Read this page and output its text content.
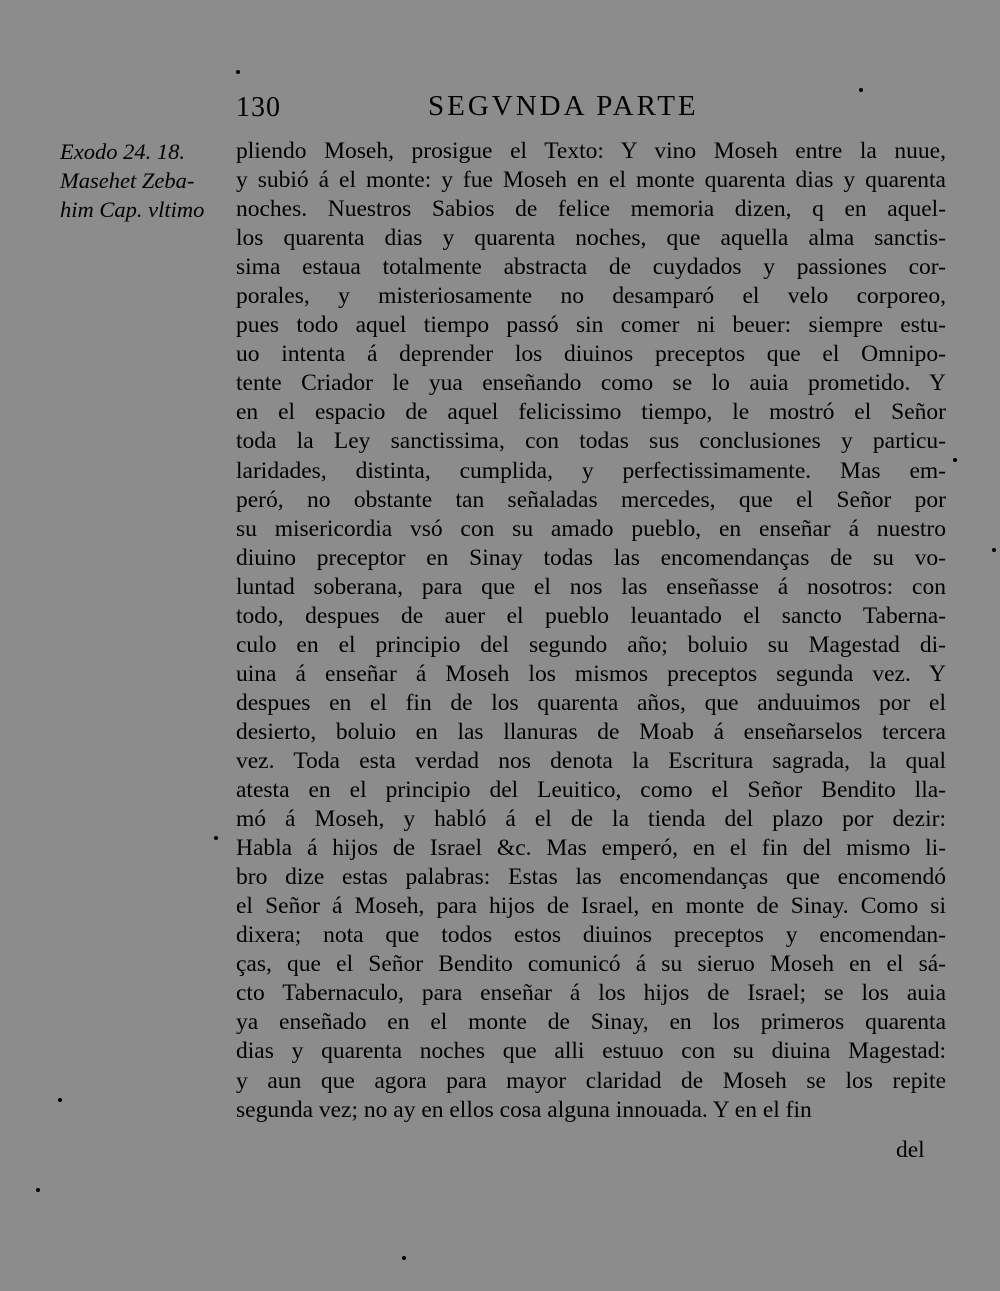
130	SEGVNDA PARTE
Exodo 24. 18.
Masehet Zeba-
him Cap. vltimo
pliendo Moseh, prosigue el Texto: Y vino Moseh entre la nuue,
y subió á el monte: y fue Moseh en el monte quarenta dias y quarenta
noches. Nuestros Sabios de felice memoria dizen, q en aquel-
los quarenta dias y quarenta noches, que aquella alma sanctis-
sima estaua totalmente abstracta de cuydados y passiones cor-
porales, y misteriosamente no desamparó el velo corporeo,
pues todo aquel tiempo passó sin comer ni beuer: siempre estu-
uo intenta á deprender los diuinos preceptos que el Omnipo-
tente Criador le yua enseñando como se lo auia prometido. Y
en el espacio de aquel felicissimo tiempo, le mostró el Señor
toda la Ley sanctissima, con todas sus conclusiones y particu-
laridades, distinta, cumplida, y perfectissimamente. Mas em-
peró, no obstante tan señaladas mercedes, que el Señor por
su misericordia vsó con su amado pueblo, en enseñar á nuestro
diuino preceptor en Sinay todas las encomendanças de su vo-
luntad soberana, para que el nos las enseñasse á nosotros: con
todo, despues de auer el pueblo leuantado el sancto Taberna-
culo en el principio del segundo año; boluio su Magestad di-
uina á enseñar á Moseh los mismos preceptos segunda vez. Y
despues en el fin de los quarenta años, que anduuimos por el
desierto, boluio en las llanuras de Moab á enseñarselos tercera
vez. Toda esta verdad nos denota la Escritura sagrada, la qual
atesta en el principio del Leuitico, como el Señor Bendito lla-
mó á Moseh, y habló á el de la tienda del plazo por dezir:
Habla á hijos de Israel &c. Mas emperó, en el fin del mismo li-
bro dize estas palabras: Estas las encomendanças que encomendó
el Señor á Moseh, para hijos de Israel, en monte de Sinay. Como si
dixera; nota que todos estos diuinos preceptos y encomendan-
ças, que el Señor Bendito comunicó á su sieruo Moseh en el sá-
cto Tabernaculo, para enseñar á los hijos de Israel; se los auia
ya enseñado en el monte de Sinay, en los primeros quarenta
dias y quarenta noches que alli estuuo con su diuina Magestad:
y aun que agora para mayor claridad de Moseh se los repite
segunda vez; no ay en ellos cosa alguna innouada. Y en el fin
del
